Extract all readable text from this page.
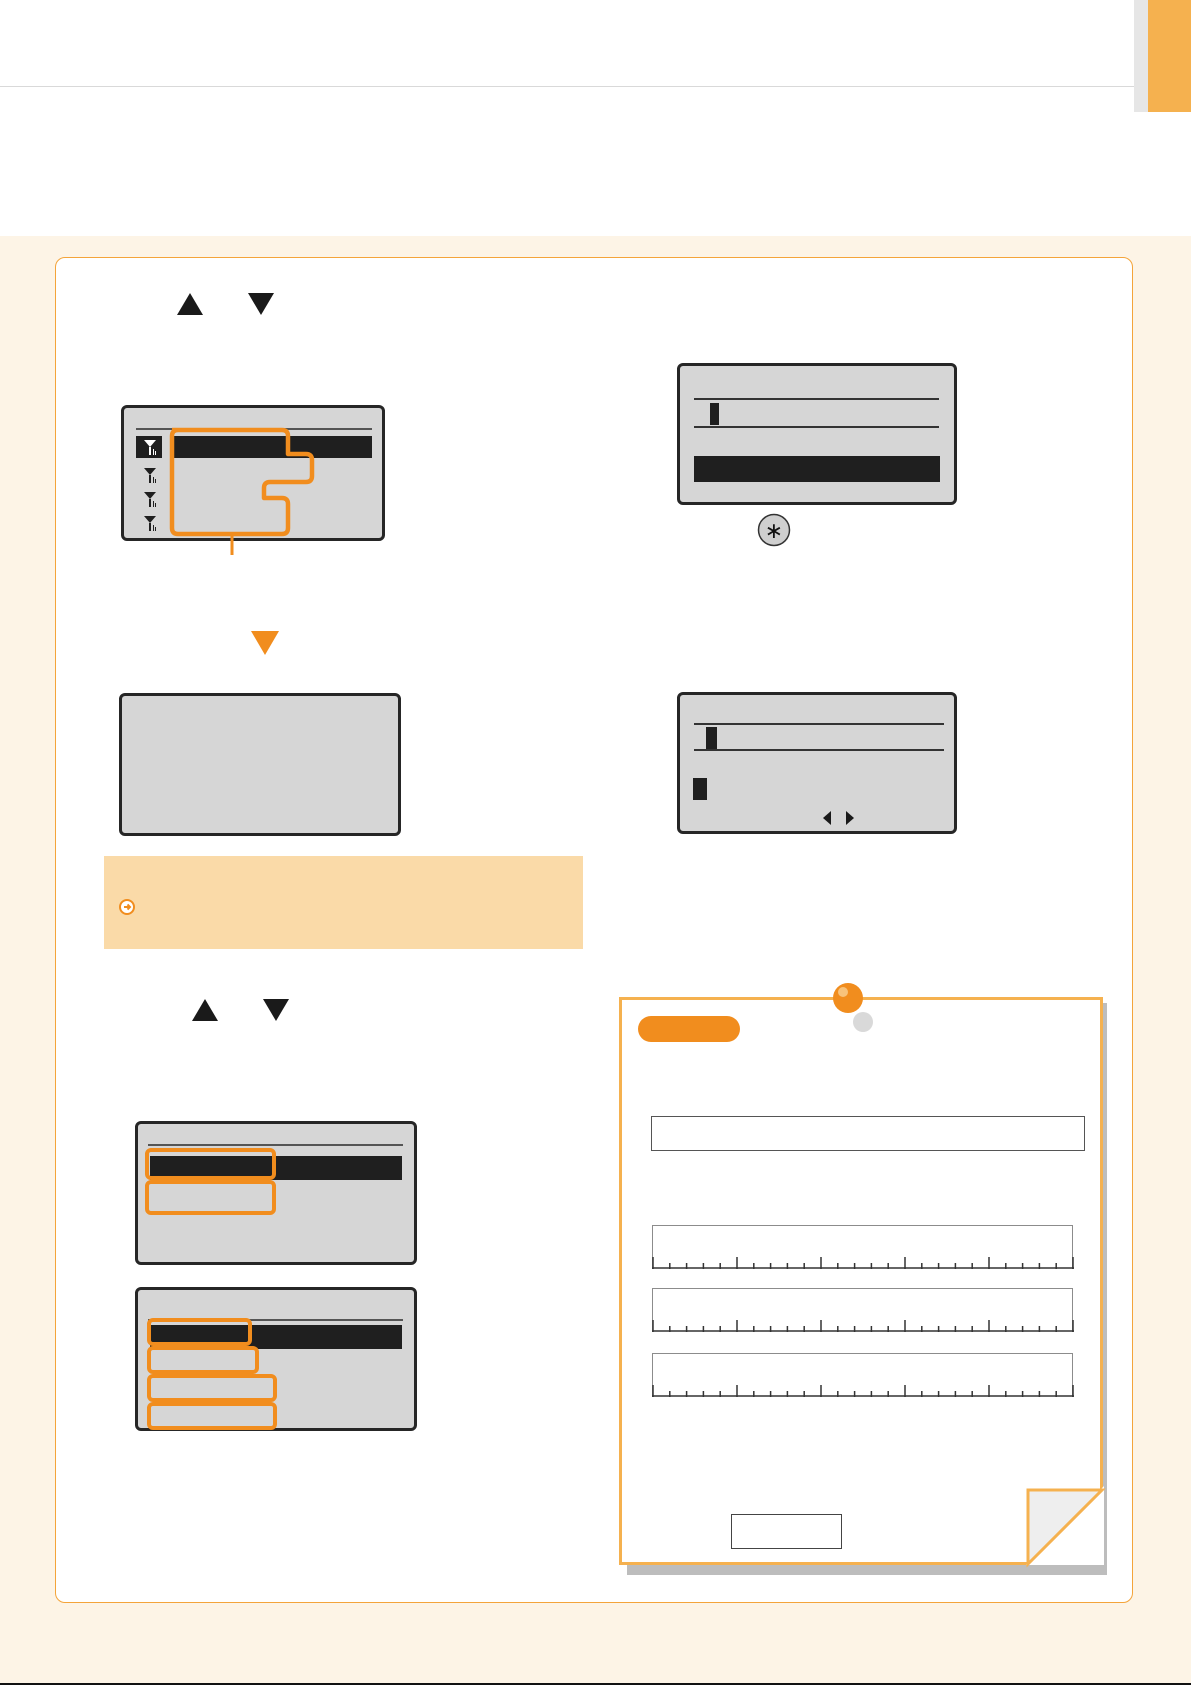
∗
